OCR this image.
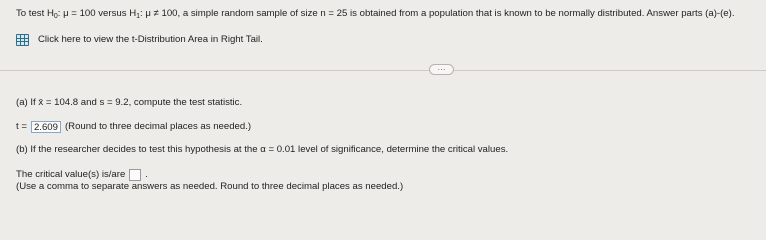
To test $H_0$: μ = 100 versus $H_1$: μ ≠ 100, a simple random sample of size n = 25 is obtained from a population that is known to be normally distributed. Answer parts (a)-(e).
Click here to view the t-Distribution Area in Right Tail.
···
(a) If x̄ = 104.8 and s = 9.2, compute the test statistic.
t = 2.609 (Round to three decimal places as needed.)
(b) If the researcher decides to test this hypothesis at the α = 0.01 level of significance, determine the critical values.
The critical value(s) is/are .
(Use a comma to separate answers as needed. Round to three decimal places as needed.)
